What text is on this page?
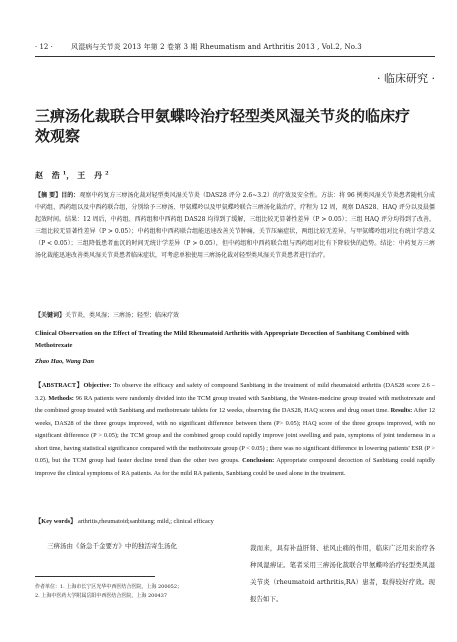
· 12 ·	风湿病与关节炎 2013 年第 2 卷第 3 期 Rheumatism and Arthritis 2013 , Vol.2, No.3
· 临床研究 ·
三痹汤化裁联合甲氨蝶呤治疗轻型类风湿关节炎的临床疗效观察
赵 浩$^1$，王 丹$^2$

【摘 要】目的：观察中药复方三痹汤化裁对轻型类风湿关节炎（DAS28 评分 2.6~3.2）的疗效及安全性。方法：将 96 例类风湿关节炎患者随机分成中药组、西药组以及中西药联合组，分别给予三痹汤、甲氨蝶呤以及甲氨蝶呤联合三痹汤化裁治疗，疗程为 12 周，观察 DAS28、HAQ 评分以及晨僵起效时间。结果：12 周后，中药组、西药组和中西药组 DAS28 均得到了缓解，三组比较无显著性差异（P > 0.05）；三组 HAQ 评分均得到了改善，三组比较无显著性差异（P > 0.05）；中药组和中西药联合组能迅速改善关节肿痛，关节压痛症状，两组比较无差异，与甲氨蝶呤组对比有统计学意义（P < 0.05）；三组降低患者血沉的时间无统计学差异（P > 0.05），但中药组和中西药联合组与西药组对比有下降较快的趋势。结论：中药复方三痹汤化裁能迅速改善类风湿关节炎患者临床症状，可考虑单独使用三痹汤化裁对轻型类风湿关节炎患者进行治疗。

【关键词】关节炎，类风湿；三痹汤；轻型；临床疗效

Clinical Observation on the Effect of Treating the Mild Rheumatoid Arthritis with Appropriate Decoction of Sanbitang Combined with Methotrexate

Zhao Hao, Wang Dan

【ABSTRACT】Objective: To observe the efficacy and safety of compound Sanbitang in the treatment of mild rheumatoid arthritis (DAS28 score 2.6 – 3.2). Methods: 96 RA patients were randomly divided into the TCM group treated with Sanbitang, the Westen-medcine group treated with methotrexate and the combined group treated with Sanbitang and methotrexate tablets for 12 weeks, observing the DAS28, HAQ scores and drug onset time. Results: After 12 weeks, DAS28 of the three groups improved, with no significant difference between them (P> 0.05); HAQ score of the three groups improved, with no significant difference (P > 0.05); the TCM group and the combined group could rapidly improve joint swelling and pain, symptoms of joint tenderness in a short time, having statistical significance compared with the methotrexate group (P < 0.05) ; there was no significant difference in lowering patients' ESR (P > 0.05), but the TCM group had faster decline trend than the other two groups. Conclusion: Appropriate compound decoction of Sanbitang could rapidly improve the clinical symptoms of RA patients. As for the mild RA patients, Sanbitang could be used alone in the treatment.

【Key words】 arthritis,rheumatoid;sanbitang; mild,; clinical efficacy

三痹汤由《备急千金要方》中的独活寄生汤化

作者单位：1. 上海市长宁区光华中西医结合医院，上海 200052；

2. 上海中医药大学附属岳阳中西医结合医院，上海 200437

裁而来，具有补益肝肾、祛风止痛的作用，临床广泛用来治疗各种风湿痹证。笔者采用三痹汤化裁联合甲氨蝶呤治疗轻型类风湿关节炎（rheumatoid arthritis,RA）患者，取得较好疗效。现报告如下。
